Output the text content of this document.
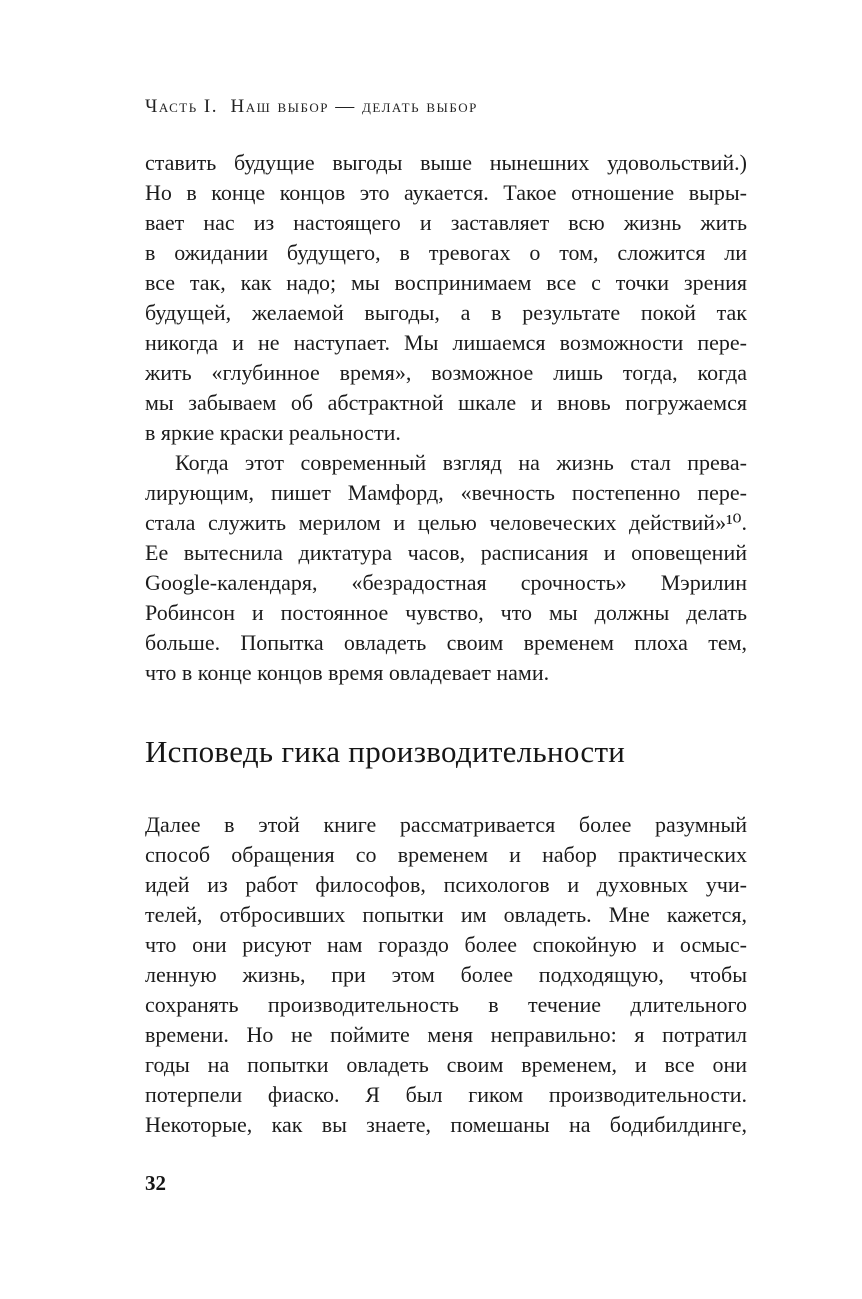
Часть I.  Наш выбор — делать выбор
ставить будущие выгоды выше нынешних удовольствий.)
Но в конце концов это аукается. Такое отношение выры-
вает нас из настоящего и заставляет всю жизнь жить
в ожидании будущего, в тревогах о том, сложится ли
все так, как надо; мы воспринимаем все с точки зрения
будущей, желаемой выгоды, а в результате покой так
никогда и не наступает. Мы лишаемся возможности пере-
жить «глубинное время», возможное лишь тогда, когда
мы забываем об абстрактной шкале и вновь погружаемся
в яркие краски реальности.
Когда этот современный взгляд на жизнь стал прева-
лирующим, пишет Мамфорд, «вечность постепенно пере-
стала служить мерилом и целью человеческих действий»¹⁰.
Ее вытеснила диктатура часов, расписания и оповещений
Google-календаря, «безрадостная срочность» Мэрилин
Робинсон и постоянное чувство, что мы должны делать
больше. Попытка овладеть своим временем плоха тем,
что в конце концов время овладевает нами.
Исповедь гика производительности
Далее в этой книге рассматривается более разумный
способ обращения со временем и набор практических
идей из работ философов, психологов и духовных учи-
телей, отбросивших попытки им овладеть. Мне кажется,
что они рисуют нам гораздо более спокойную и осмыс-
ленную жизнь, при этом более подходящую, чтобы
сохранять производительность в течение длительного
времени. Но не поймите меня неправильно: я потратил
годы на попытки овладеть своим временем, и все они
потерпели фиаско. Я был гиком производительности.
Некоторые, как вы знаете, помешаны на бодибилдинге,
32
